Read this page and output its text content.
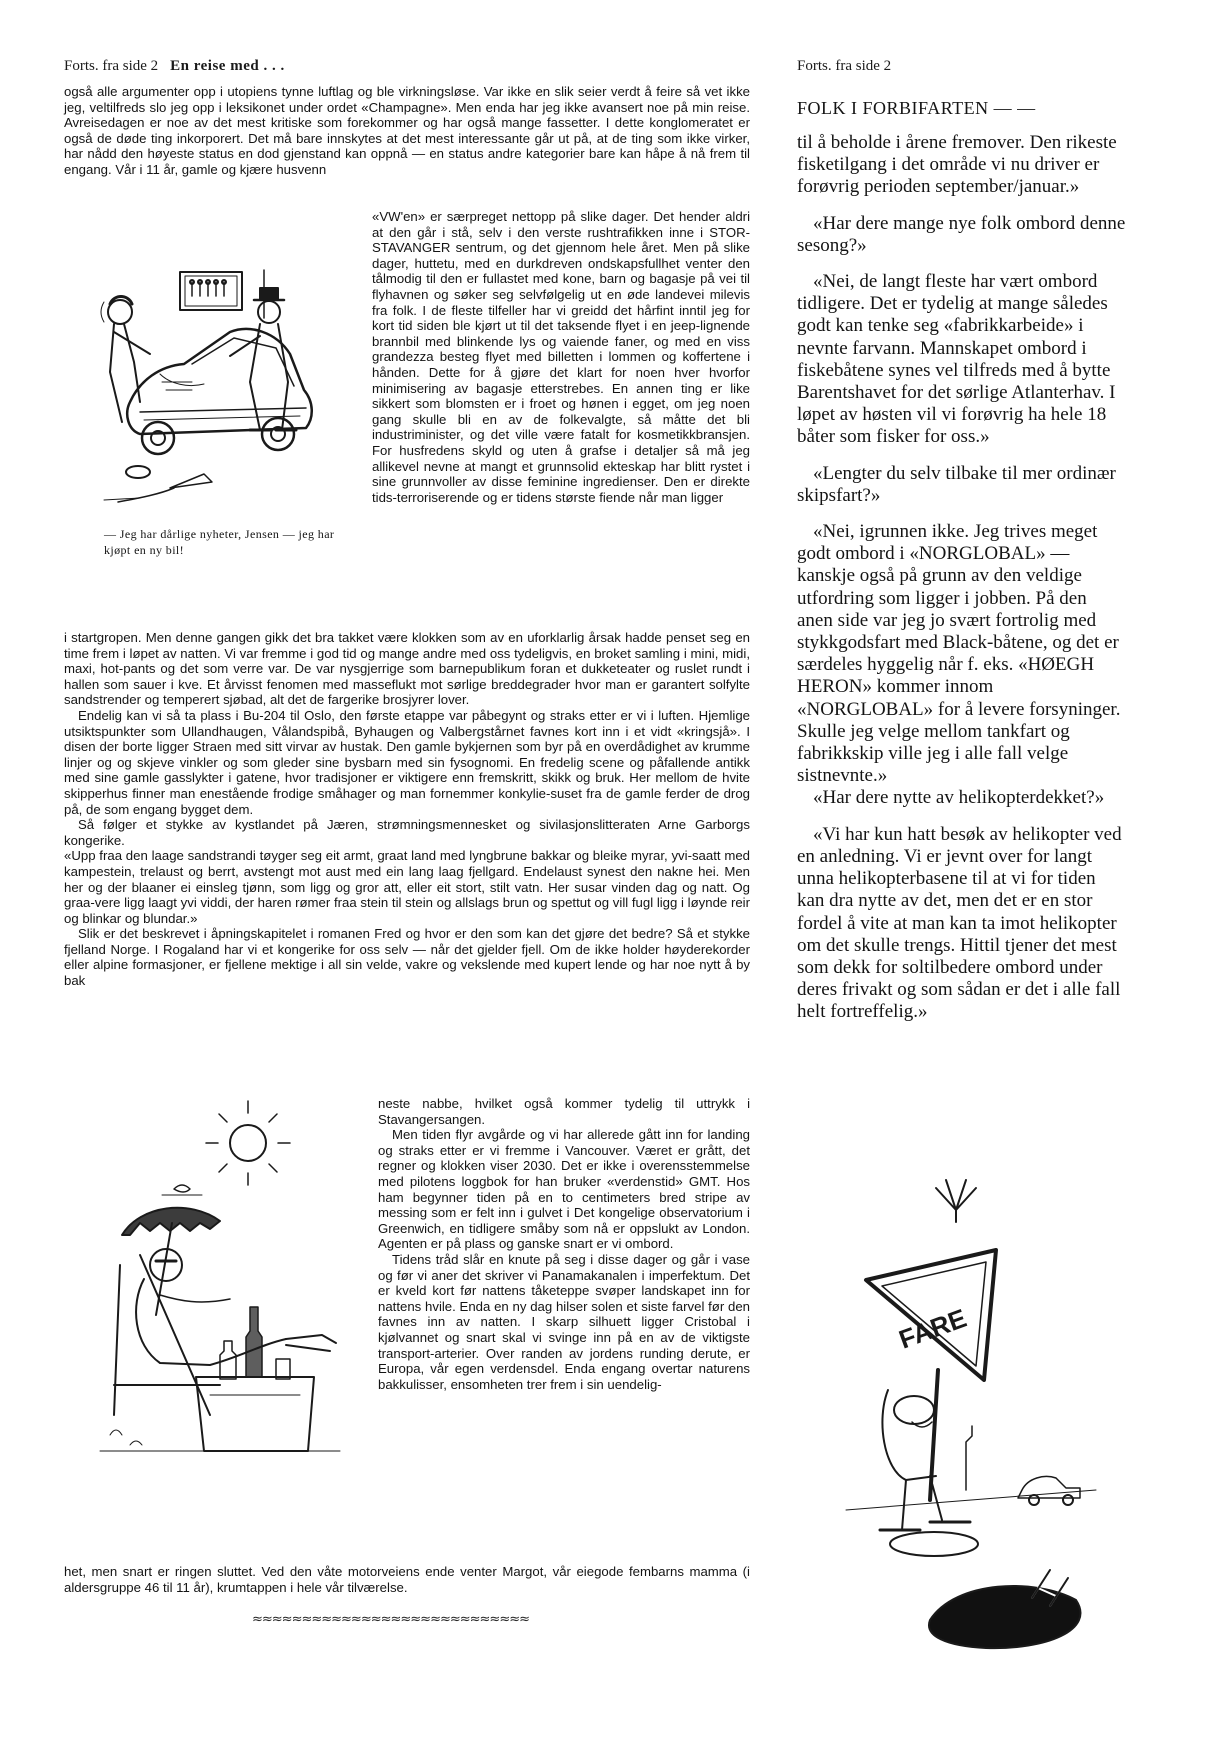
Forts. fra side 2 En reise med . . .	Forts. fra side 2

også alle argumenter opp i utopiens tynne luftlag og ble virkningsløse. Var ikke en slik seier verdt å feire så vet ikke jeg, veltilfreds slo jeg opp i leksikonet under ordet «Champagne». Men enda har jeg ikke avansert noe på min reise. Avreisedagen er noe av det mest kritiske som forekommer og har også mange fassetter. I dette konglomeratet er også de døde ting inkorporert. Det må bare innskytes at det mest interessante går ut på, at de ting som ikke virker, har nådd den høyeste status en dod gjenstand kan oppnå — en status andre kategorier bare kan håpe å nå frem til engang. Vår i 11 år, gamle og kjære husvenn

— Jeg har dårlige nyheter, Jensen — jeg har kjøpt en ny bil!

«VW'en» er særpreget nettopp på slike dager. Det hender aldri at den går i stå, selv i den verste rushtrafikken inne i STOR-STAVANGER sentrum, og det gjennom hele året. Men på slike dager, huttetu, med en durkdreven ondskapsfullhet venter den tålmodig til den er fullastet med kone, barn og bagasje på vei til flyhavnen og søker seg selvfølgelig ut en øde landevei milevis fra folk. I de fleste tilfeller har vi greidd det hårfint inntil jeg for kort tid siden ble kjørt ut til det taksende flyet i en jeep-lignende brannbil med blinkende lys og vaiende faner, og med en viss grandezza besteg flyet med billetten i lommen og koffertene i hånden. Dette for å gjøre det klart for noen hver hvorfor minimisering av bagasje etterstrebes. En annen ting er like sikkert som blomsten er i froet og hønen i egget, om jeg noen gang skulle bli en av de folkevalgte, så måtte det bli industriminister, og det ville være fatalt for kosmetikkbransjen. For husfredens skyld og uten å grafse i detaljer så må jeg allikevel nevne at mangt et grunnsolid ekteskap har blitt rystet i sine grunnvoller av disse feminine ingredienser. Den er direkte tids-terroriserende og er tidens største fiende når man ligger

i startgropen. Men denne gangen gikk det bra takket være klokken som av en uforklarlig årsak hadde penset seg en time frem i løpet av natten. Vi var fremme i god tid og mange andre med oss tydeligvis, en broket samling i mini, midi, maxi, hot-pants og det som verre var. De var nysgjerrige som barnepublikum foran et dukketeater og ruslet rundt i hallen som sauer i kve. Et årvisst fenomen med masseflukt mot sørlige breddegrader hvor man er garantert solfylte sandstrender og temperert sjøbad, alt det de fargerike brosjyrer lover.

Endelig kan vi så ta plass i Bu-204 til Oslo, den første etappe var påbegynt og straks etter er vi i luften. Hjemlige utsiktspunkter som Ullandhaugen, Vålandspibå, Byhaugen og Valbergstårnet favnes kort inn i et vidt «kringsjå». I disen der borte ligger Straen med sitt virvar av hustak. Den gamle bykjernen som byr på en overdådighet av krumme linjer og og skjeve vinkler og som gleder sine bysbarn med sin fysognomi. En fredelig scene og påfallende antikk med sine gamle gasslykter i gatene, hvor tradisjoner er viktigere enn fremskritt, skikk og bruk. Her mellom de hvite skipperhus finner man enestående frodige småhager og man fornemmer konkylie-suset fra de gamle ferder de drog på, de som engang bygget dem.

Så følger et stykke av kystlandet på Jæren, strømningsmennesket og sivilasjonslitteraten Arne Garborgs kongerike.

«Upp fraa den laage sandstrandi tøyger seg eit armt, graat land med lyngbrune bakkar og bleike myrar, yvi-saatt med kampestein, trelaust og berrt, avstengt mot aust med ein lang laag fjellgard. Endelaust synest den nakne hei. Men her og der blaaner ei einsleg tjønn, som ligg og gror att, eller eit stort, stilt vatn. Her susar vinden dag og natt. Og graa-vere ligg laagt yvi viddi, der haren rømer fraa stein til stein og allslags brun og spettut og vill fugl ligg i løynde reir og blinkar og blundar.»

Slik er det beskrevet i åpningskapitelet i romanen Fred og hvor er den som kan det gjøre det bedre? Så et stykke fjelland Norge. I Rogaland har vi et kongerike for oss selv — når det gjelder fjell. Om de ikke holder høyderekorder eller alpine formasjoner, er fjellene mektige i all sin velde, vakre og vekslende med kupert lende og har noe nytt å by bak

neste nabbe, hvilket også kommer tydelig til uttrykk i Stavangersangen.

Men tiden flyr avgårde og vi har allerede gått inn for landing og straks etter er vi fremme i Vancouver. Været er grått, det regner og klokken viser 2030. Det er ikke i overensstemmelse med pilotens loggbok for han bruker «verdenstid» GMT. Hos ham begynner tiden på en to centimeters bred stripe av messing som er felt inn i gulvet i Det kongelige observatorium i Greenwich, en tidligere småby som nå er oppslukt av London. Agenten er på plass og ganske snart er vi ombord.

Tidens tråd slår en knute på seg i disse dager og går i vase og før vi aner det skriver vi Panamakanalen i imperfektum. Det er kveld kort før nattens tåketeppe svøper landskapet inn for nattens hvile. Enda en ny dag hilser solen et siste farvel før den favnes inn av natten. I skarp silhuett ligger Cristobal i kjølvannet og snart skal vi svinge inn på en av de viktigste transport-arterier. Over randen av jordens runding derute, er Europa, vår egen verdensdel. Enda engang overtar naturens bakkulisser, ensomheten trer frem i sin uendelig-

het, men snart er ringen sluttet. Ved den våte motorveiens ende venter Margot, vår eiegode fembarns mamma (i aldersgruppe 46 til 11 år), krumtappen i hele vår tilværelse.

≈≈≈≈≈≈≈≈≈≈≈≈≈≈≈≈≈≈≈≈≈≈≈≈≈≈≈≈
FOLK I FORBIFARTEN — —

til å beholde i årene fremover. Den rikeste fisketilgang i det område vi nu driver er forøvrig perioden september/januar.»

«Har dere mange nye folk ombord denne sesong?»

«Nei, de langt fleste har vært ombord tidligere. Det er tydelig at mange således godt kan tenke seg «fabrikkarbeide» i nevnte farvann. Mannskapet ombord i fiskebåtene synes vel tilfreds med å bytte Barentshavet for det sørlige Atlanterhav. I løpet av høsten vil vi forøvrig ha hele 18 båter som fisker for oss.»

«Lengter du selv tilbake til mer ordinær skipsfart?»

«Nei, igrunnen ikke. Jeg trives meget godt ombord i «NORGLOBAL» — kanskje også på grunn av den veldige utfordring som ligger i jobben. På den anen side var jeg jo svært fortrolig med stykkgodsfart med Black-båtene, og det er særdeles hyggelig når f. eks. «HØEGH HERON» kommer innom «NORGLOBAL» for å levere forsyninger. Skulle jeg velge mellom tankfart og fabrikkskip ville jeg i alle fall velge sistnevnte.»

«Har dere nytte av helikopterdekket?»

«Vi har kun hatt besøk av helikopter ved en anledning. Vi er jevnt over for langt unna helikopterbasene til at vi for tiden kan dra nytte av det, men det er en stor fordel å vite at man kan ta imot helikopter om det skulle trengs. Hittil tjener det mest som dekk for soltilbedere ombord under deres frivakt og som sådan er det i alle fall helt fortreffelig.»

FARE
